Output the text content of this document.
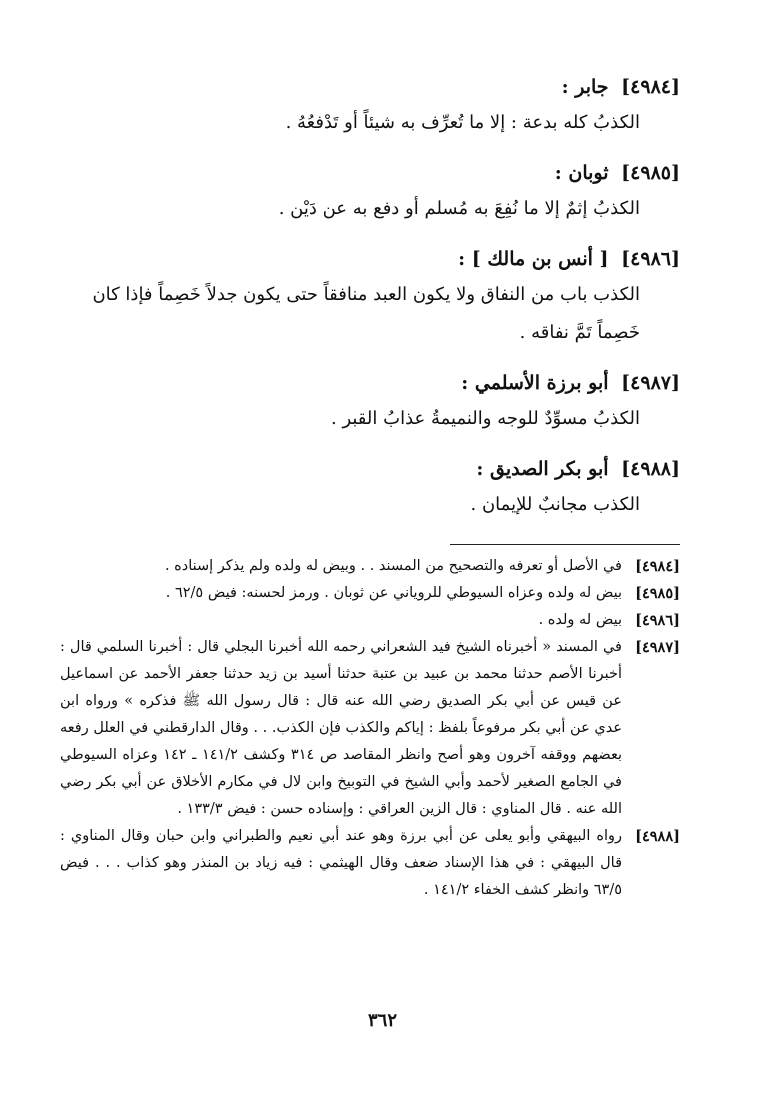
[٤٩٨٤] جابر :
الكذبُ كله بدعة : إلا ما تُعرِّف به شيئاً أو تَدْفعُهُ .
[٤٩٨٥] ثوبان :
الكذبُ إثمٌ إلا ما نُفِعَ به مُسلم أو دفع به عن دَيْن .
[٤٩٨٦] [ أنس بن مالك ] :
الكذب باب من النفاق ولا يكون العبد منافقاً حتى يكون جدلاً خَصِماً فإذا كان خَصِماً تَمَّ نفاقه .
[٤٩٨٧] أبو برزة الأسلمي :
الكذبُ مسوِّدٌ للوجه والنميمةُ عذابُ القبر .
[٤٩٨٨] أبو بكر الصديق :
الكذب مجانبٌ للإيمان .
[٤٩٨٤]
في الأصل أو تعرفه والتصحيح من المسند . . وبيض له ولده ولم يذكر إسناده .
[٤٩٨٥]
بيض له ولده وعزاه السيوطي للروياني عن ثوبان . ورمز لحسنه: فيض ٦٢/٥ .
[٤٩٨٦]
بيض له ولده .
[٤٩٨٧]
في المسند « أخبرناه الشيخ فيد الشعراني رحمه الله أخبرنا البجلي قال : أخبرنا السلمي قال : أخبرنا الأصم حدثنا محمد بن عبيد بن عتبة حدثنا أسيد بن زيد حدثنا جعفر الأحمد عن اسماعيل عن قيس عن أبي بكر الصديق رضي الله عنه قال : قال رسول الله ﷺ فذكره » ورواه ابن عدي عن أبي بكر مرفوعاً بلفظ : إياكم والكذب فإن الكذب. . . وقال الدارقطني في العلل رفعه بعضهم ووقفه آخرون وهو أصح وانظر المقاصد ص ٣١٤ وكشف ١٤١/٢ ـ ١٤٢ وعزاه السيوطي في الجامع الصغير لأحمد وأبي الشيخ في التوبيخ وابن لال في مكارم الأخلاق عن أبي بكر رضي الله عنه . قال المناوي : قال الزين العراقي : وإسناده حسن : فيض ١٣٣/٣ .
[٤٩٨٨]
رواه البيهقي وأبو يعلى عن أبي برزة وهو عند أبي نعيم والطبراني وابن حبان وقال المناوي : قال البيهقي : في هذا الإسناد ضعف وقال الهيثمي : فيه زياد بن المنذر وهو كذاب . . . فيض ٦٣/٥ وانظر كشف الخفاء ١٤١/٢ .
٣٦٢
